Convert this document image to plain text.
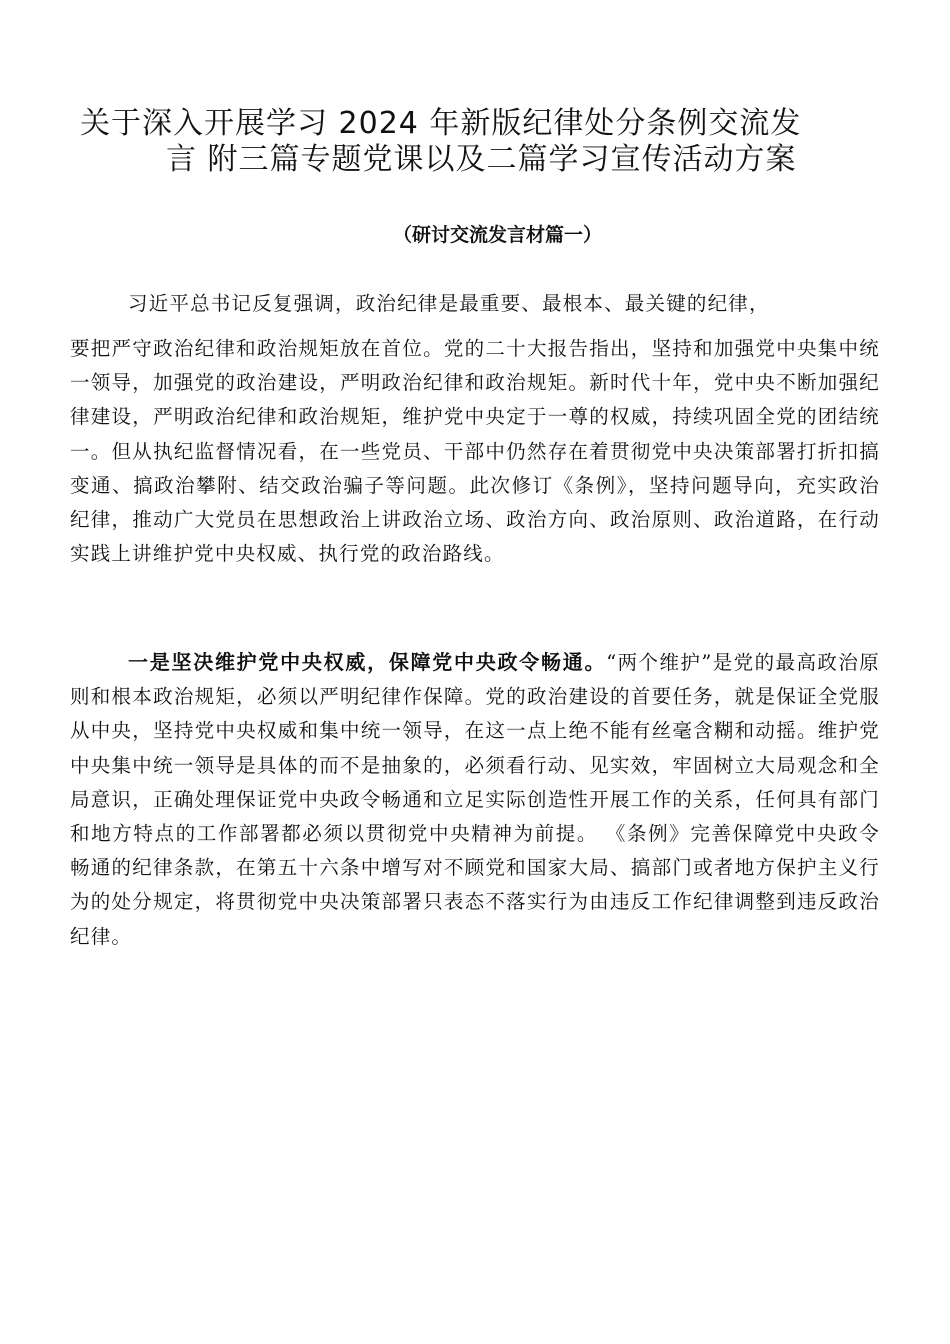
关于深入开展学习 2024 年新版纪律处分条例交流发
言 附三篇专题党课以及二篇学习宣传活动方案
（研讨交流发言材篇一）

习近平总书记反复强调，政治纪律是最重要、最根本、最关键的纪律，

要把严守政治纪律和政治规矩放在首位。党的二十大报告指出，坚持和加强党中央集中统一领导，加强党的政治建设，严明政治纪律和政治规矩。新时代十年，党中央不断加强纪律建设，严明政治纪律和政治规矩，维护党中央定于一尊的权威，持续巩固全党的团结统一。但从执纪监督情况看，在一些党员、干部中仍然存在着贯彻党中央决策部署打折扣搞变通、搞政治攀附、结交政治骗子等问题。此次修订《条例》，坚持问题导向，充实政治纪律，推动广大党员在思想政治上讲政治立场、政治方向、政治原则、政治道路，在行动实践上讲维护党中央权威、执行党的政治路线。

一是坚决维护党中央权威，保障党中央政令畅通。“两个维护”是党的最高政治原则和根本政治规矩，必须以严明纪律作保障。党的政治建设的首要任务，就是保证全党服从中央，坚持党中央权威和集中统一领导，在这一点上绝不能有丝毫含糊和动摇。维护党中央集中统一领导是具体的而不是抽象的，必须看行动、见实效，牢固树立大局观念和全局意识，正确处理保证党中央政令畅通和立足实际创造性开展工作的关系，任何具有部门和地方特点的工作部署都必须以贯彻党中央精神为前提。 《条例》完善保障党中央政令畅通的纪律条款，在第五十六条中增写对不顾党和国家大局、搞部门或者地方保护主义行为的处分规定，将贯彻党中央决策部署只表态不落实行为由违反工作纪律调整到违反政治纪律。
